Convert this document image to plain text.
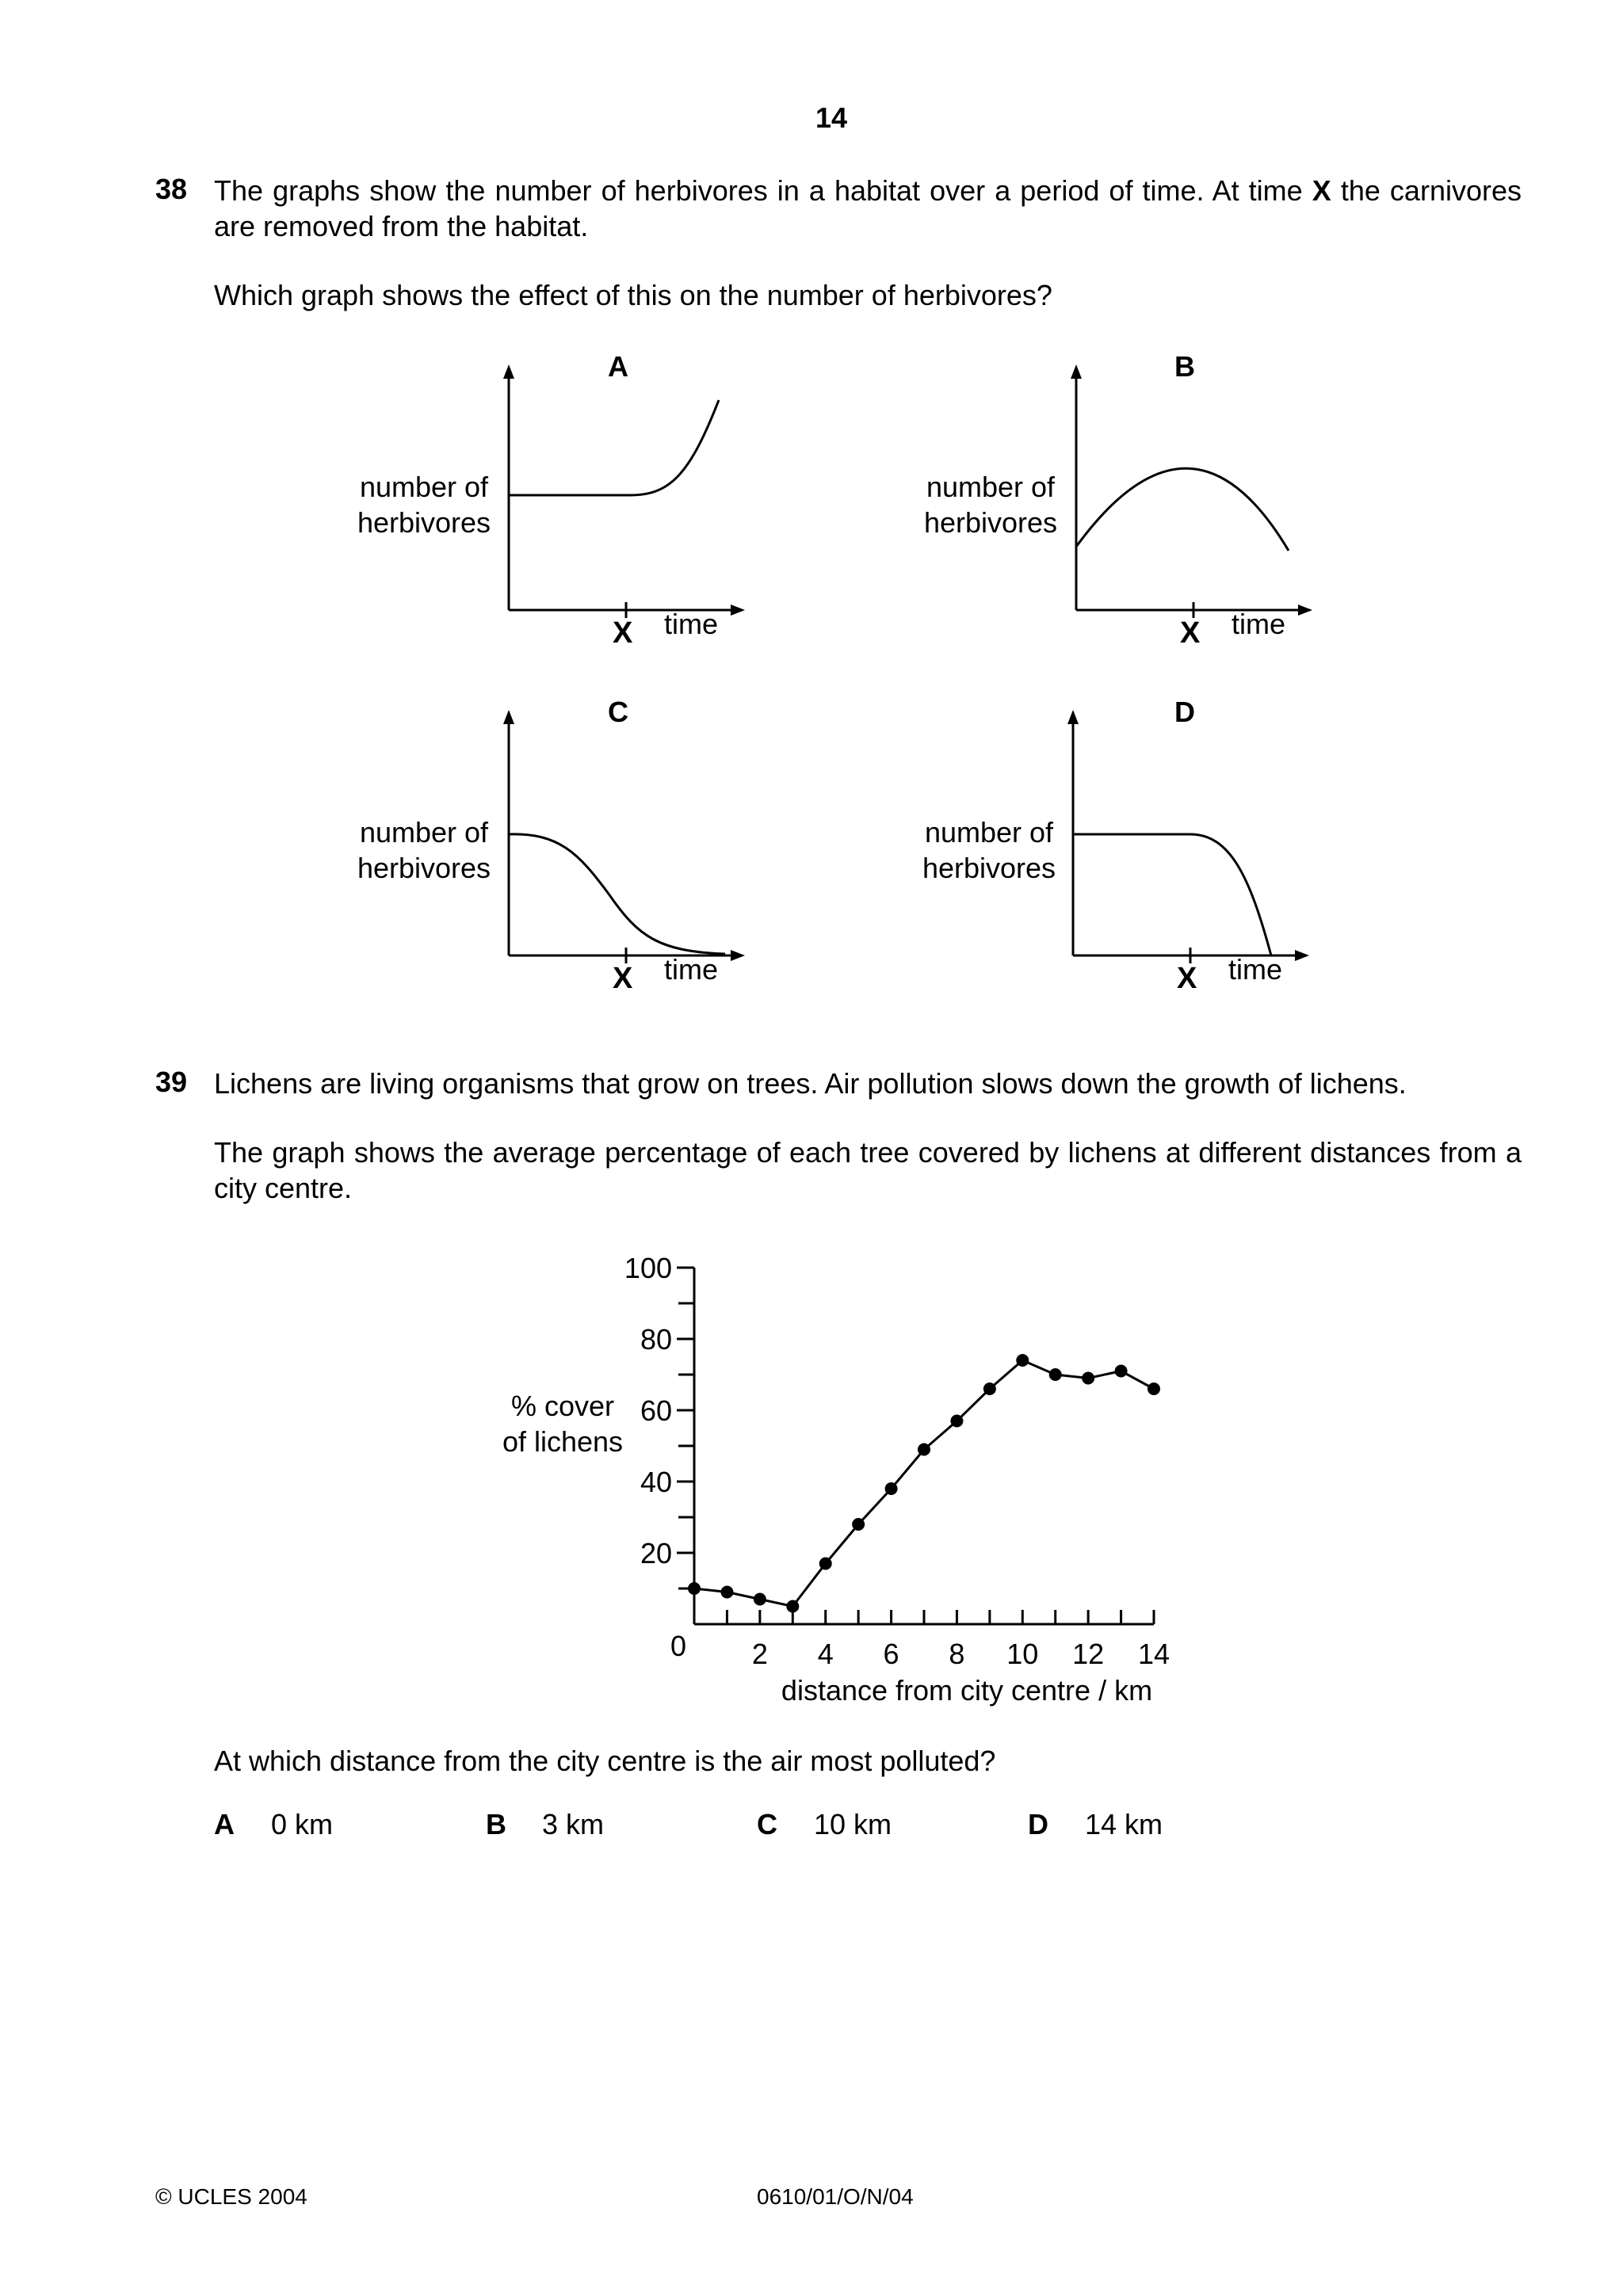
14
38 The graphs show the number of herbivores in a habitat over a period of time. At time X the carnivores are removed from the habitat.
Which graph shows the effect of this on the number of herbivores?
A
number of
herbivores
X time
B
number of
herbivores
X time
C
number of
herbivores
X time
D
number of
herbivores
X time
39 Lichens are living organisms that grow on trees. Air pollution slows down the growth of lichens.
The graph shows the average percentage of each tree covered by lichens at different distances from a city centre.
% cover
of lichens
20
40
60
80
100
2 4 6 8 10 12 14
0
distance from city centre / km
At which distance from the city centre is the air most polluted?
A 0 km	B 3 km	C 10 km	D 14 km
© UCLES 2004	0610/01/O/N/04
